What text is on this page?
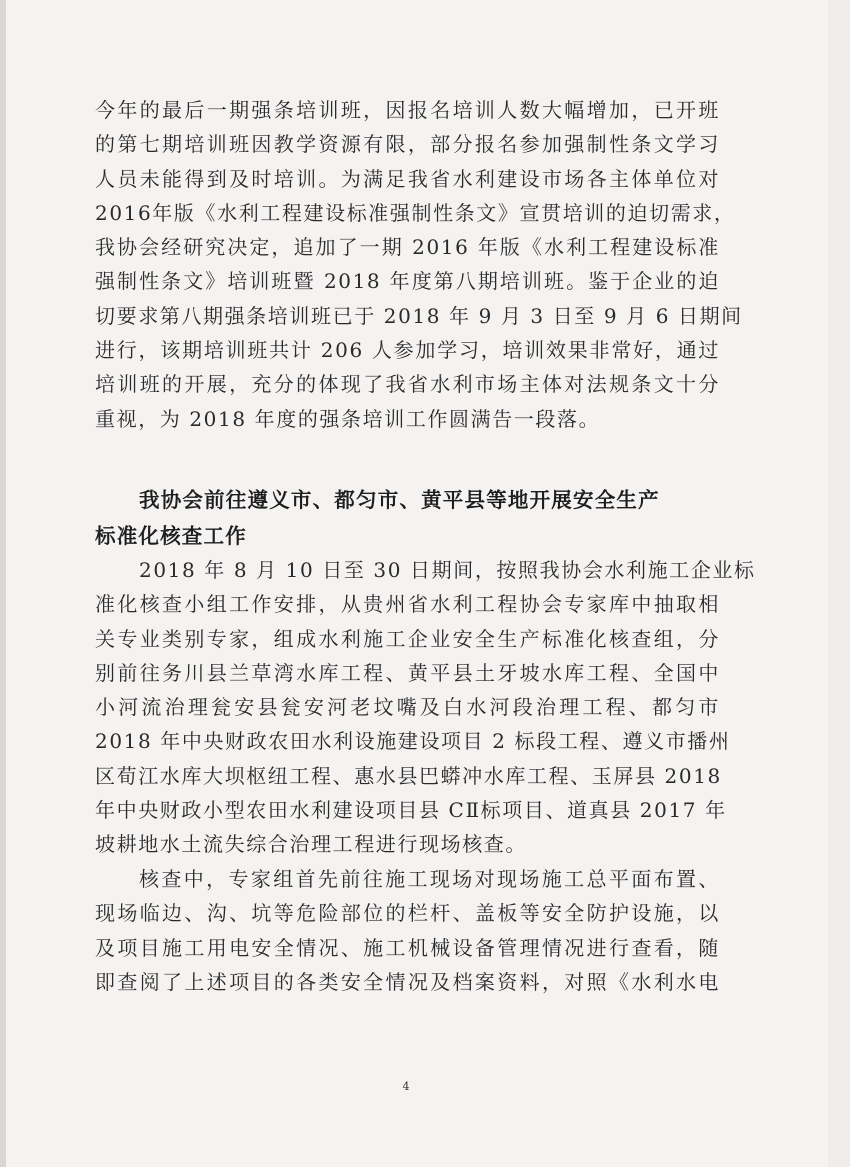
今年的最后一期强条培训班，因报名培训人数大幅增加，已开班
的第七期培训班因教学资源有限，部分报名参加强制性条文学习
人员未能得到及时培训。为满足我省水利建设市场各主体单位对
2016年版《水利工程建设标准强制性条文》宣贯培训的迫切需求，
我协会经研究决定，追加了一期 2016 年版《水利工程建设标准
强制性条文》培训班暨 2018 年度第八期培训班。鉴于企业的迫
切要求第八期强条培训班已于 2018 年 9 月 3 日至 9 月 6 日期间
进行，该期培训班共计 206 人参加学习，培训效果非常好，通过
培训班的开展，充分的体现了我省水利市场主体对法规条文十分
重视，为 2018 年度的强条培训工作圆满告一段落。
我协会前往遵义市、都匀市、黄平县等地开展安全生产
标准化核查工作
2018 年 8 月 10 日至 30 日期间，按照我协会水利施工企业标
准化核查小组工作安排，从贵州省水利工程协会专家库中抽取相
关专业类别专家，组成水利施工企业安全生产标准化核查组，分
别前往务川县兰草湾水库工程、黄平县土牙坡水库工程、全国中
小河流治理瓮安县瓮安河老坟嘴及白水河段治理工程、都匀市
2018 年中央财政农田水利设施建设项目 2 标段工程、遵义市播州
区荀江水库大坝枢纽工程、惠水县巴蟒冲水库工程、玉屏县 2018
年中央财政小型农田水利建设项目县 CⅡ标项目、道真县 2017 年
坡耕地水土流失综合治理工程进行现场核查。
核查中，专家组首先前往施工现场对现场施工总平面布置、
现场临边、沟、坑等危险部位的栏杆、盖板等安全防护设施，以
及项目施工用电安全情况、施工机械设备管理情况进行查看，随
即查阅了上述项目的各类安全情况及档案资料，对照《水利水电
4
